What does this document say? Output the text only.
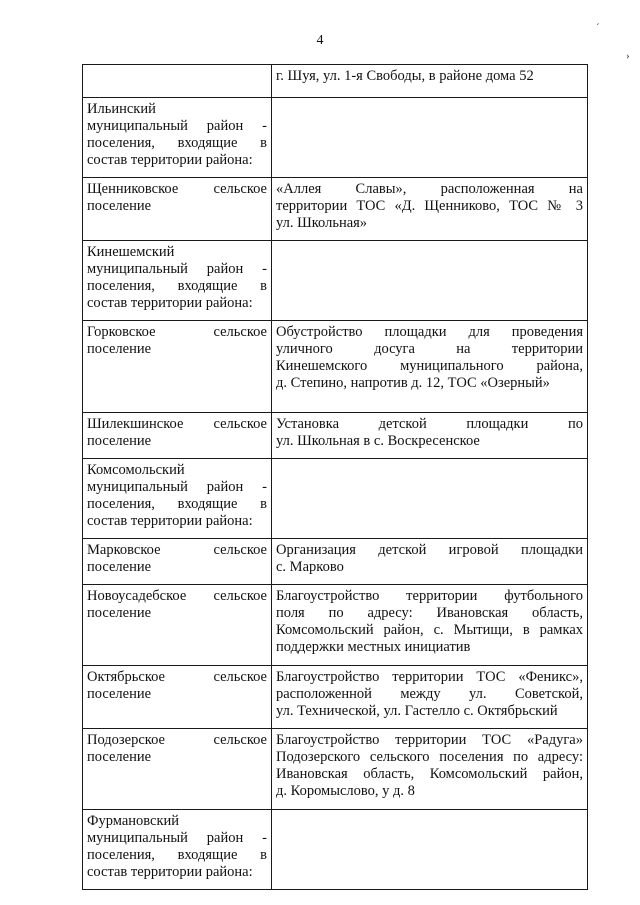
4
´
›

	г. Шуя, ул. 1-я Свободы, в районе дома 52

Ильинский
муниципальный район -
поселения, входящие в
состав территории района:	

Щенниковское сельское
поселение	«Аллея Славы», расположенная на
территории ТОС «Д. Щенниково, ТОС № 3
ул. Школьная»

Кинешемский
муниципальный район -
поселения, входящие в
состав территории района:	

Горковское сельское
поселение	Обустройство площадки для проведения
уличного досуга на территории
Кинешемского муниципального района,
д. Степино, напротив д. 12, ТОС «Озерный»

Шилекшинское сельское
поселение	Установка детской площадки по
ул. Школьная в с. Воскресенское

Комсомольский
муниципальный район -
поселения, входящие в
состав территории района:	

Марковское сельское
поселение	Организация детской игровой площадки
с. Марково

Новоусадебское сельское
поселение	Благоустройство территории футбольного
поля по адресу: Ивановская область,
Комсомольский район, с. Мытищи, в рамках
поддержки местных инициатив

Октябрьское сельское
поселение	Благоустройство территории ТОС «Феникс»,
расположенной между ул. Советской,
ул. Технической, ул. Гастелло с. Октябрьский

Подозерское сельское
поселение	Благоустройство территории ТОС «Радуга»
Подозерского сельского поселения по адресу:
Ивановская область, Комсомольский район,
д. Коромыслово, у д. 8

Фурмановский
муниципальный район -
поселения, входящие в
состав территории района:	
